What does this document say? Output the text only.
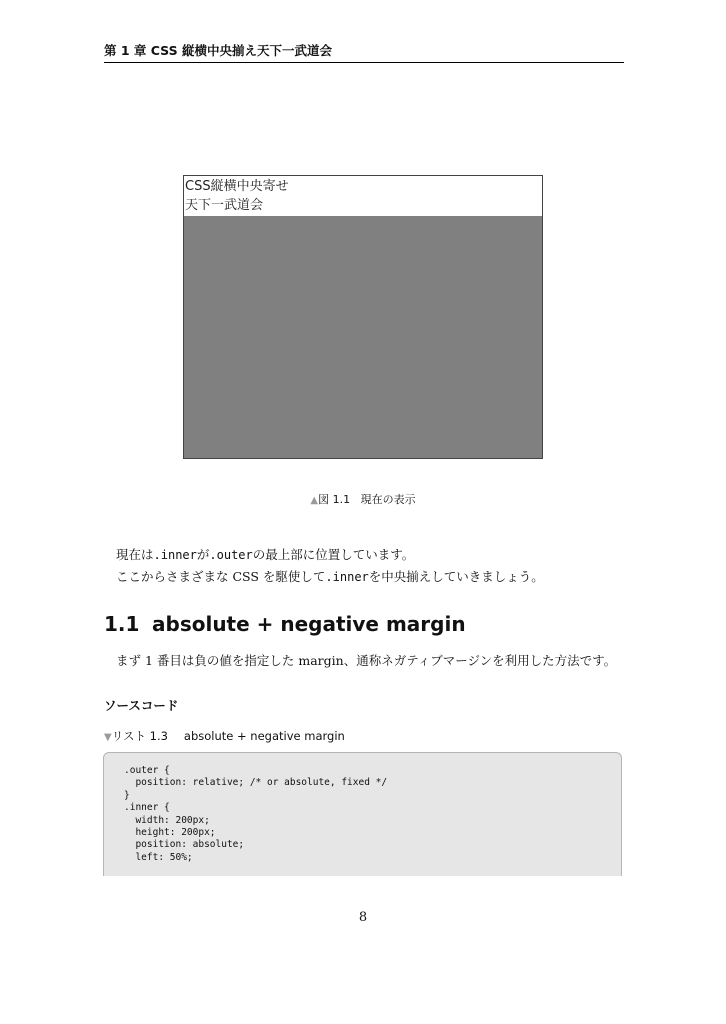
第 1 章 CSS 縦横中央揃え天下一武道会
CSS縦横中央寄せ
天下一武道会
▲図 1.1 現在の表示
現在は.innerが.outerの最上部に位置しています。
ここからさまざまな CSS を駆使して.innerを中央揃えしていきましょう。
1.1 absolute + negative margin
まず 1 番目は負の値を指定した margin、通称ネガティブマージンを利用した方法です。
ソースコード
▼リスト 1.3 absolute + negative margin
.outer {
position: relative; /* or absolute, fixed */
}
.inner {
width: 200px;
height: 200px;
position: absolute;
left: 50%;
8
